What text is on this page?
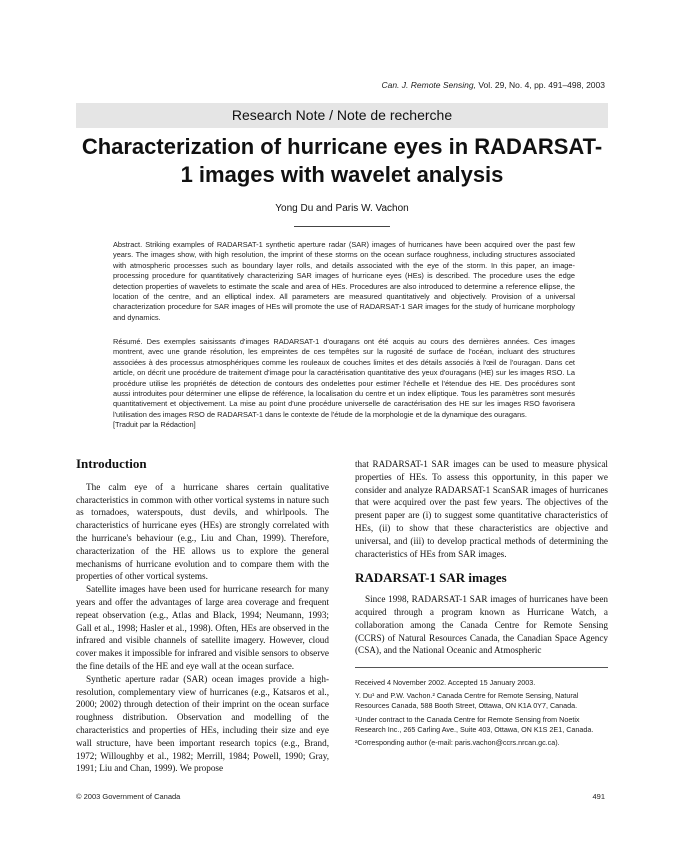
Can. J. Remote Sensing, Vol. 29, No. 4, pp. 491–498, 2003
Research Note / Note de recherche
Characterization of hurricane eyes in RADARSAT-1 images with wavelet analysis
Yong Du and Paris W. Vachon
Abstract. Striking examples of RADARSAT-1 synthetic aperture radar (SAR) images of hurricanes have been acquired over the past few years. The images show, with high resolution, the imprint of these storms on the ocean surface roughness, including structures associated with atmospheric processes such as boundary layer rolls, and details associated with the eye of the storm. In this paper, an image-processing procedure for quantitatively characterizing SAR images of hurricane eyes (HEs) is described. The procedure uses the edge detection properties of wavelets to estimate the scale and area of HEs. Procedures are also introduced to determine a reference ellipse, the location of the centre, and an elliptical index. All parameters are measured quantitatively and objectively. Provision of a universal characterization procedure for SAR images of HEs will promote the use of RADARSAT-1 SAR images for the study of hurricane morphology and dynamics.
Résumé. Des exemples saisissants d'images RADARSAT-1 d'ouragans ont été acquis au cours des dernières années. Ces images montrent, avec une grande résolution, les empreintes de ces tempêtes sur la rugosité de surface de l'océan, incluant des structures associées à des processus atmosphériques comme les rouleaux de couches limites et des détails associés à l'œil de l'ouragan. Dans cet article, on décrit une procédure de traitement d'image pour la caractérisation quantitative des yeux d'ouragans (HE) sur les images RSO. La procédure utilise les propriétés de détection de contours des ondelettes pour estimer l'échelle et l'étendue des HE. Des procédures sont aussi introduites pour déterminer une ellipse de référence, la localisation du centre et un index elliptique. Tous les paramètres sont mesurés quantitativement et objectivement. La mise au point d'une procédure universelle de caractérisation des HE sur les images RSO favorisera l'utilisation des images RSO de RADARSAT-1 dans le contexte de l'étude de la morphologie et de la dynamique des ouragans.
[Traduit par la Rédaction]
Introduction

The calm eye of a hurricane shares certain qualitative characteristics in common with other vortical systems in nature such as tornadoes, waterspouts, dust devils, and whirlpools. The characteristics of hurricane eyes (HEs) are strongly correlated with the hurricane's behaviour (e.g., Liu and Chan, 1999). Therefore, characterization of the HE allows us to explore the general mechanisms of hurricane evolution and to compare them with the properties of other vortical systems.

Satellite images have been used for hurricane research for many years and offer the advantages of large area coverage and frequent repeat observation (e.g., Atlas and Black, 1994; Neumann, 1993; Gall et al., 1998; Hasler et al., 1998). Often, HEs are observed in the infrared and visible channels of satellite imagery. However, cloud cover makes it impossible for infrared and visible sensors to observe the fine details of the HE and eye wall at the ocean surface.

Synthetic aperture radar (SAR) ocean images provide a high-resolution, complementary view of hurricanes (e.g., Katsaros et al., 2000; 2002) through detection of their imprint on the ocean surface roughness distribution. Observation and modelling of the characteristics and properties of HEs, including their size and eye wall structure, have been important research topics (e.g., Brand, 1972; Willoughby et al., 1982; Merrill, 1984; Powell, 1990; Gray, 1991; Liu and Chan, 1999). We propose

that RADARSAT-1 SAR images can be used to measure physical properties of HEs. To assess this opportunity, in this paper we consider and analyze RADARSAT-1 ScanSAR images of hurricanes that were acquired over the past few years. The objectives of the present paper are (i) to suggest some quantitative characteristics of HEs, (ii) to show that these characteristics are objective and universal, and (iii) to develop practical methods of determining the characteristics of HEs from SAR images.

RADARSAT-1 SAR images

Since 1998, RADARSAT-1 SAR images of hurricanes have been acquired through a program known as Hurricane Watch, a collaboration among the Canada Centre for Remote Sensing (CCRS) of Natural Resources Canada, the Canadian Space Agency (CSA), and the National Oceanic and Atmospheric

Received 4 November 2002. Accepted 15 January 2003.

Y. Du¹ and P.W. Vachon.² Canada Centre for Remote Sensing, Natural Resources Canada, 588 Booth Street, Ottawa, ON K1A 0Y7, Canada.

¹Under contract to the Canada Centre for Remote Sensing from Noetix Research Inc., 265 Carling Ave., Suite 403, Ottawa, ON K1S 2E1, Canada.

²Corresponding author (e-mail: paris.vachon@ccrs.nrcan.gc.ca).

© 2003 Government of Canada	491
